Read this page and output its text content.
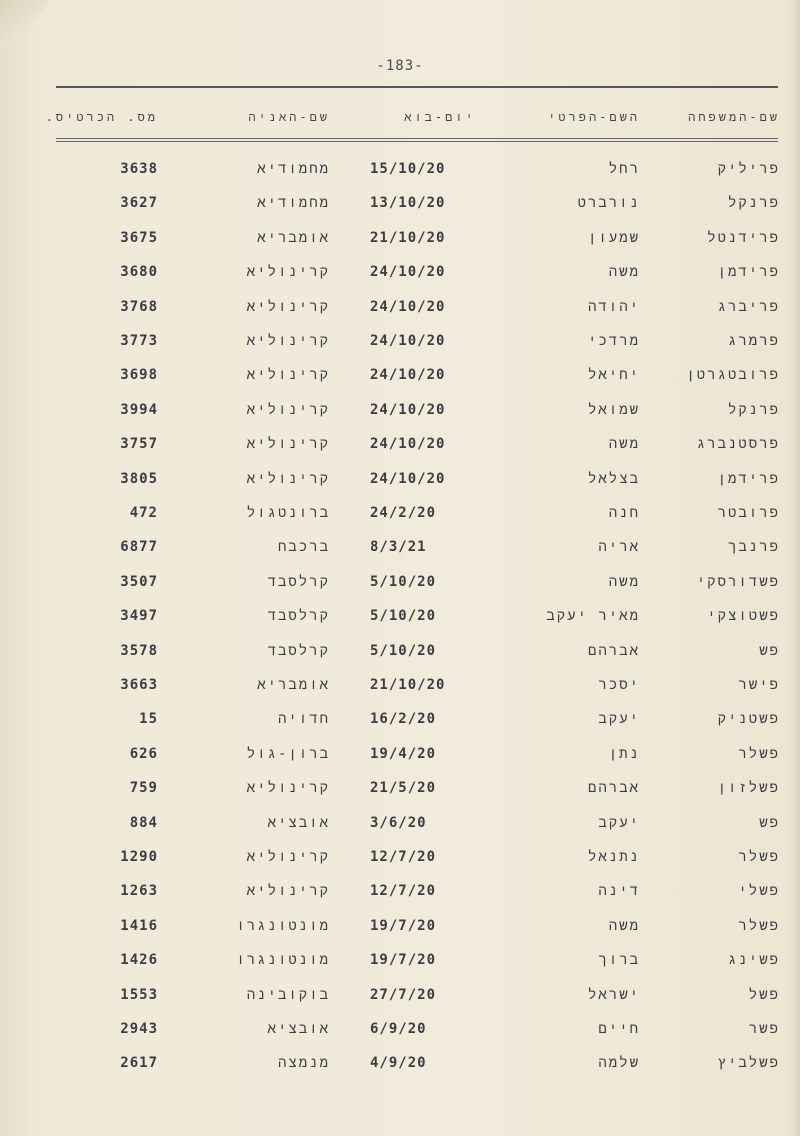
-183-
שם-המשפחה
השם-הפרטי
יום-בוא
שם-האניה
מס. הכרטיס.
פריליק
רחל
15/10/20
מחמודיא
3638
פרנקל
נורברט
13/10/20
מחמודיא
3627
פרידנטל
שמעון
21/10/20
אומבריא
3675
פרידמן
משה
24/10/20
קרינוליא
3680
פריברג
יהודה
24/10/20
קרינוליא
3768
פרמרג
מרדכי
24/10/20
קרינוליא
3773
פרובטגרטן
יחיאל
24/10/20
קרינוליא
3698
פרנקל
שמואל
24/10/20
קרינוליא
3994
פרסטנברג
משה
24/10/20
קרינוליא
3757
פרידמן
בצלאל
24/10/20
קרינוליא
3805
פרובטר
חנה
24/2/20
ברונטגול
472
פרנבך
אריה
8/3/21
ברכבח
6877
פשדורסקי
משה
5/10/20
קרלסבד
3507
פשטוצקי
מאיר יעקב
5/10/20
קרלסבד
3497
פש
אברהם
5/10/20
קרלסבד
3578
פישר
יסכר
21/10/20
אומבריא
3663
פשטניק
יעקב
16/2/20
חדויה
15
פשלר
נתן
19/4/20
ברון-גול
626
פשלזון
אברהם
21/5/20
קרינוליא
759
פש
יעקב
3/6/20
אובציא
884
פשלר
נתנאל
12/7/20
קרינוליא
1290
פשלי
דינה
12/7/20
קרינוליא
1263
פשלר
משה
19/7/20
מונטונגרו
1416
פשינג
ברוך
19/7/20
מונטונגרו
1426
פשל
ישראל
27/7/20
בוקובינה
1553
פשר
חיים
6/9/20
אובציא
2943
פשלביץ
שלמה
4/9/20
מנמצה
2617
